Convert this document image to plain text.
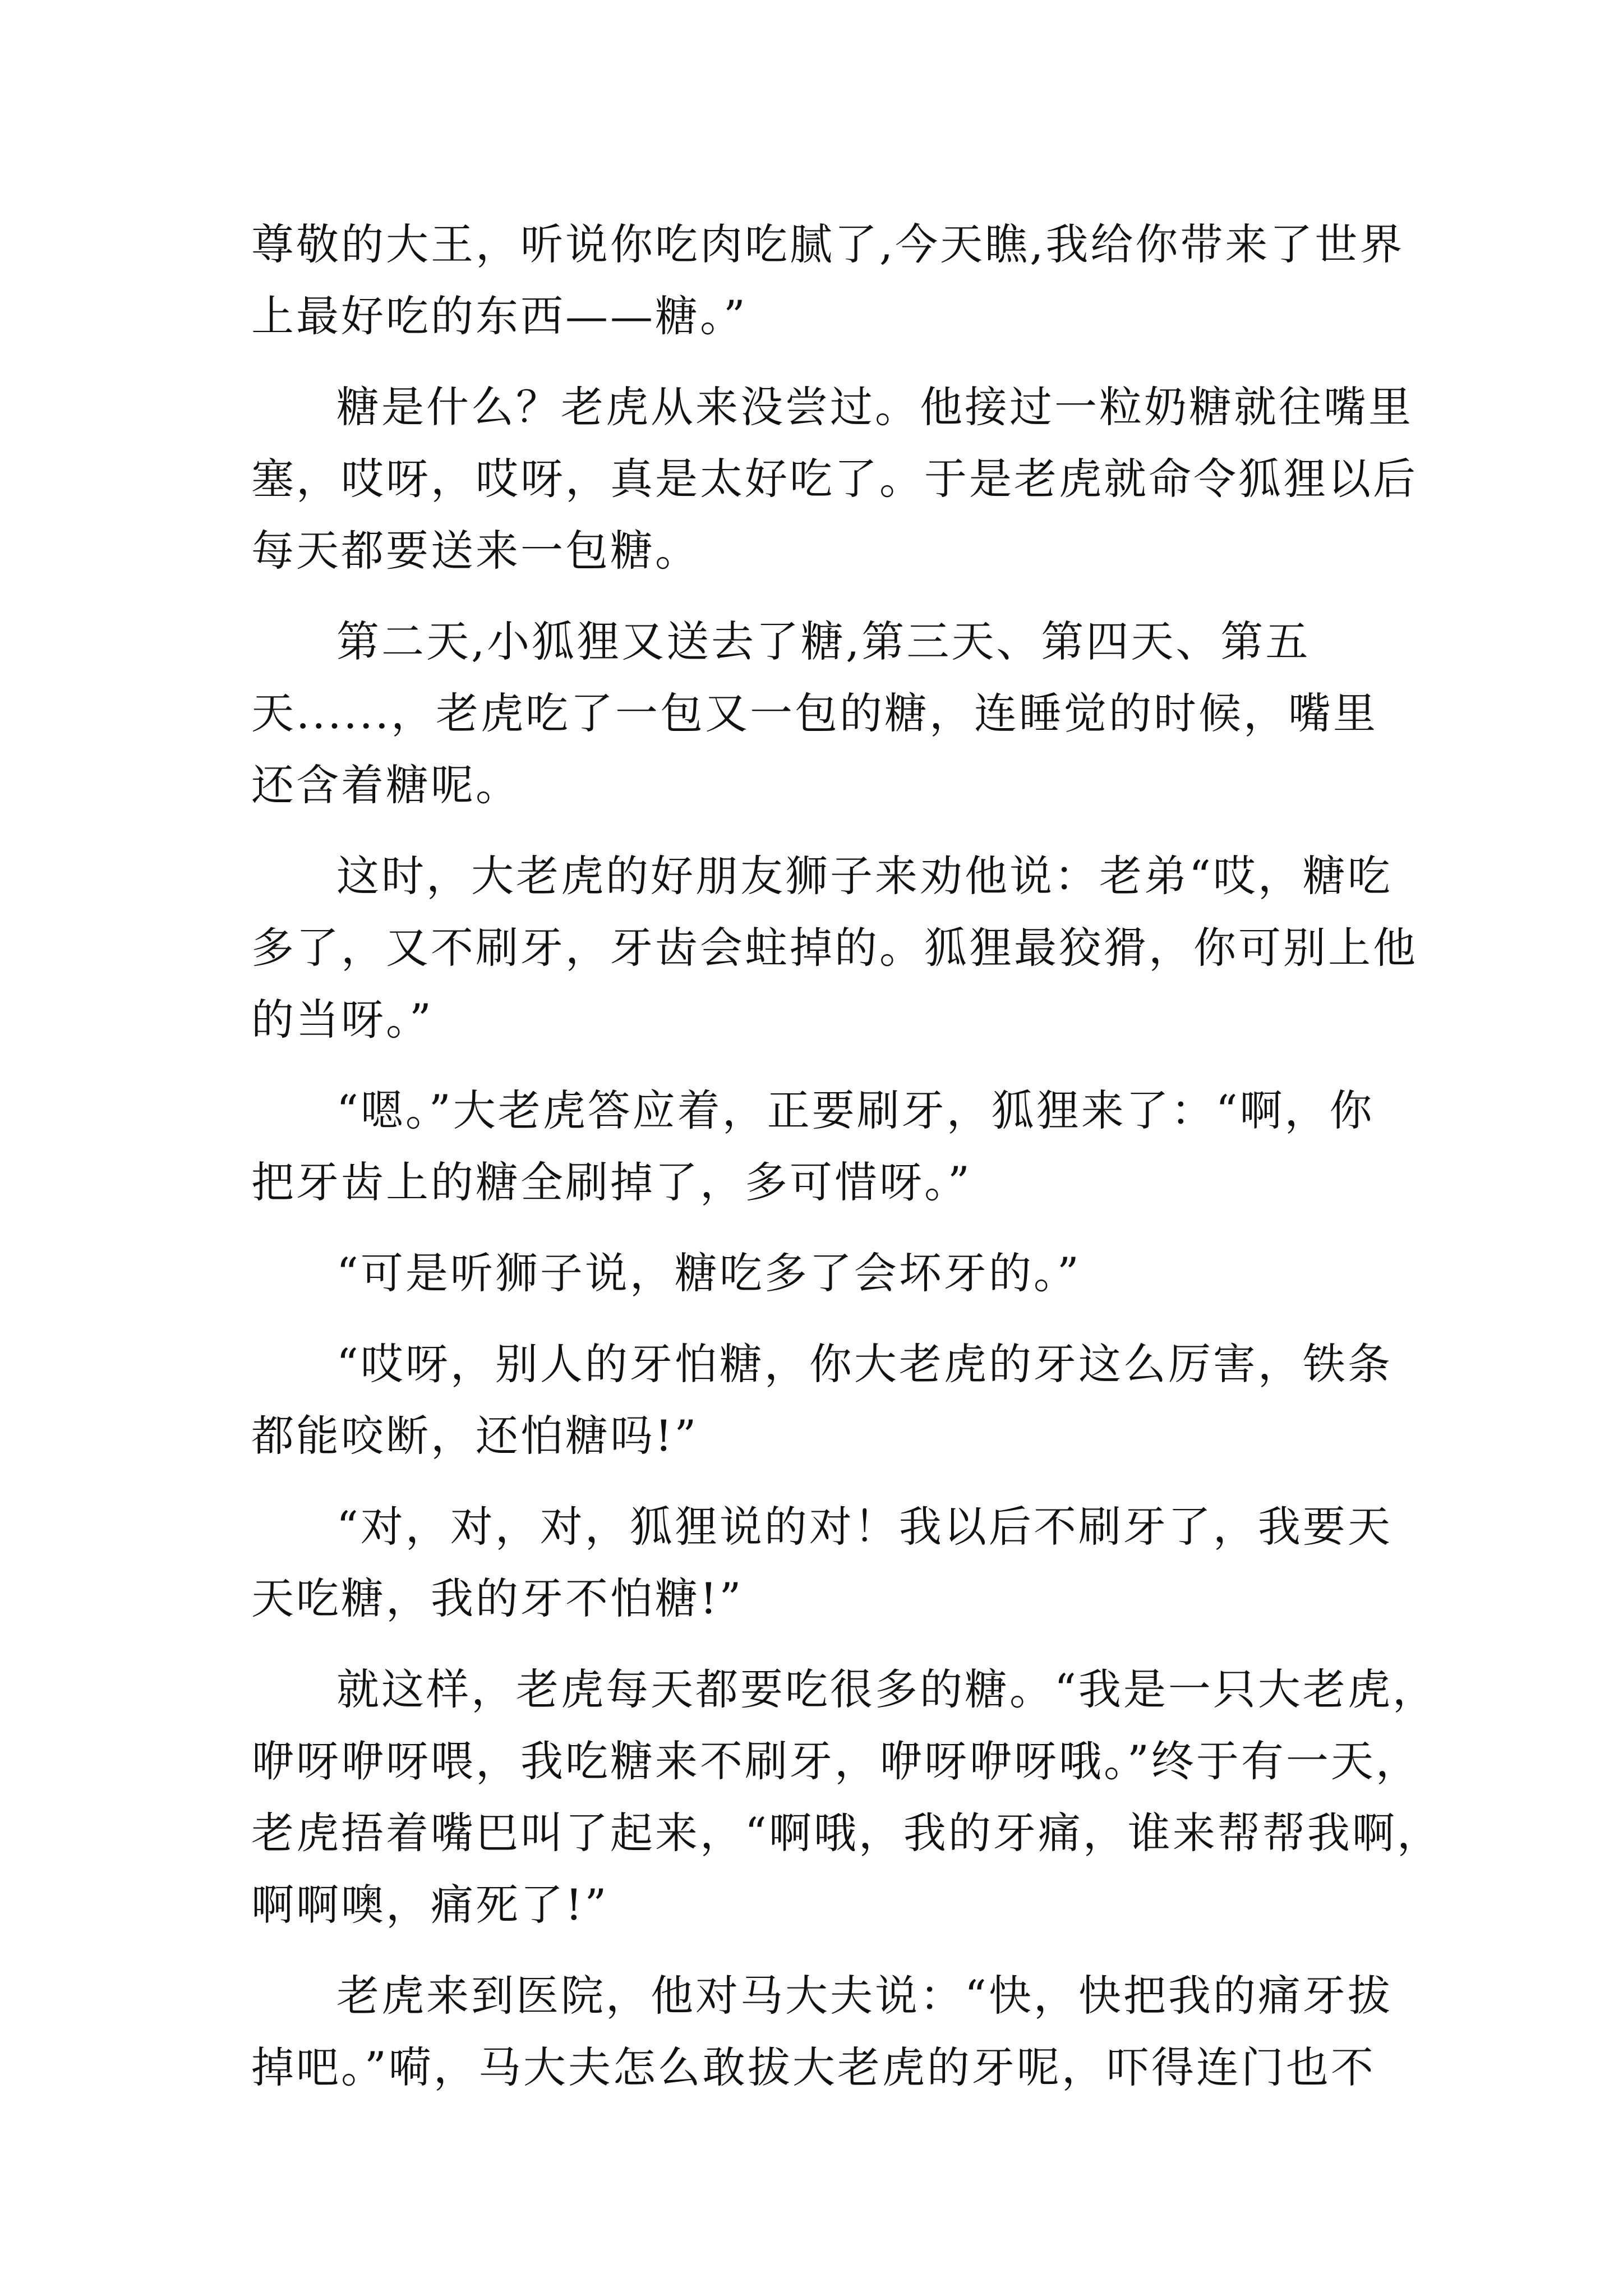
尊敬的大王，听说你吃肉吃腻了,今天瞧,我给你带来了世界
上最好吃的东西——糖。”
糖是什么？老虎从来没尝过。他接过一粒奶糖就往嘴里
塞，哎呀，哎呀，真是太好吃了。于是老虎就命令狐狸以后
每天都要送来一包糖。
第二天,小狐狸又送去了糖,第三天、第四天、第五
天......，老虎吃了一包又一包的糖，连睡觉的时候，嘴里
还含着糖呢。
这时，大老虎的好朋友狮子来劝他说：老弟“哎，糖吃
多了，又不刷牙，牙齿会蛀掉的。狐狸最狡猾，你可别上他
的当呀。”
“嗯。”大老虎答应着，正要刷牙，狐狸来了：“啊，你
把牙齿上的糖全刷掉了，多可惜呀。”
“可是听狮子说，糖吃多了会坏牙的。”
“哎呀，别人的牙怕糖，你大老虎的牙这么厉害，铁条
都能咬断，还怕糖吗!”
“对，对，对，狐狸说的对！我以后不刷牙了，我要天
天吃糖，我的牙不怕糖!”
就这样，老虎每天都要吃很多的糖。“我是一只大老虎，
咿呀咿呀喂，我吃糖来不刷牙，咿呀咿呀哦。”终于有一天，
老虎捂着嘴巴叫了起来，“啊哦，我的牙痛，谁来帮帮我啊，
啊啊噢，痛死了!”
老虎来到医院，他对马大夫说：“快，快把我的痛牙拔
掉吧。”嗬，马大夫怎么敢拔大老虎的牙呢，吓得连门也不
